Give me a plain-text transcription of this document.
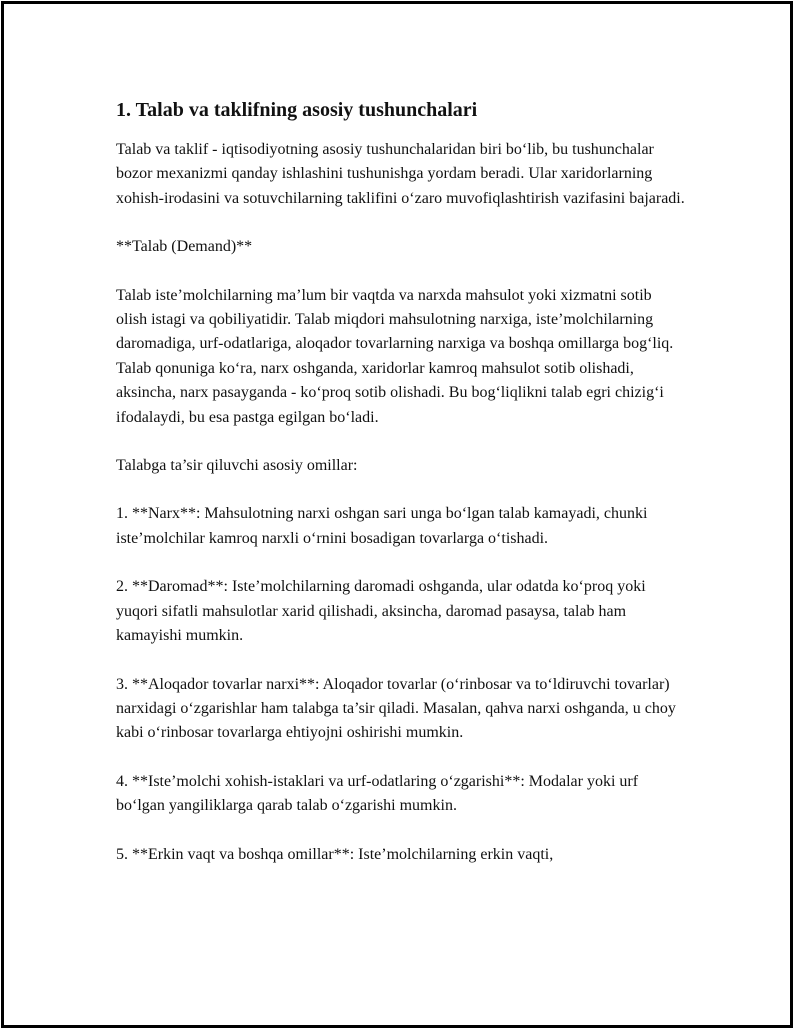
1. Talab va taklifning asosiy tushunchalari

Talab va taklif - iqtisodiyotning asosiy tushunchalaridan biri bo‘lib, bu tushunchalar bozor mexanizmi qanday ishlashini tushunishga yordam beradi. Ular xaridorlarning xohish-irodasini va sotuvchilarning taklifini o‘zaro muvofiqlashtirish vazifasini bajaradi.

**Talab (Demand)**

Talab iste’molchilarning ma’lum bir vaqtda va narxda mahsulot yoki xizmatni sotib olish istagi va qobiliyatidir. Talab miqdori mahsulotning narxiga, iste’molchilarning daromadiga, urf-odatlariga, aloqador tovarlarning narxiga va boshqa omillarga bog‘liq. Talab qonuniga ko‘ra, narx oshganda, xaridorlar kamroq mahsulot sotib olishadi, aksincha, narx pasayganda - ko‘proq sotib olishadi. Bu bog‘liqlikni talab egri chizig‘i ifodalaydi, bu esa pastga egilgan bo‘ladi.

Talabga ta’sir qiluvchi asosiy omillar:

1. **Narx**: Mahsulotning narxi oshgan sari unga bo‘lgan talab kamayadi, chunki iste’molchilar kamroq narxli o‘rnini bosadigan tovarlarga o‘tishadi.

2. **Daromad**: Iste’molchilarning daromadi oshganda, ular odatda ko‘proq yoki yuqori sifatli mahsulotlar xarid qilishadi, aksincha, daromad pasaysa, talab ham kamayishi mumkin.

3. **Aloqador tovarlar narxi**: Aloqador tovarlar (o‘rinbosar va to‘ldiruvchi tovarlar) narxidagi o‘zgarishlar ham talabga ta’sir qiladi. Masalan, qahva narxi oshganda, u choy kabi o‘rinbosar tovarlarga ehtiyojni oshirishi mumkin.

4. **Iste’molchi xohish-istaklari va urf-odatlaring o‘zgarishi**: Modalar yoki urf bo‘lgan yangiliklarga qarab talab o‘zgarishi mumkin.

5. **Erkin vaqt va boshqa omillar**: Iste’molchilarning erkin vaqti,
